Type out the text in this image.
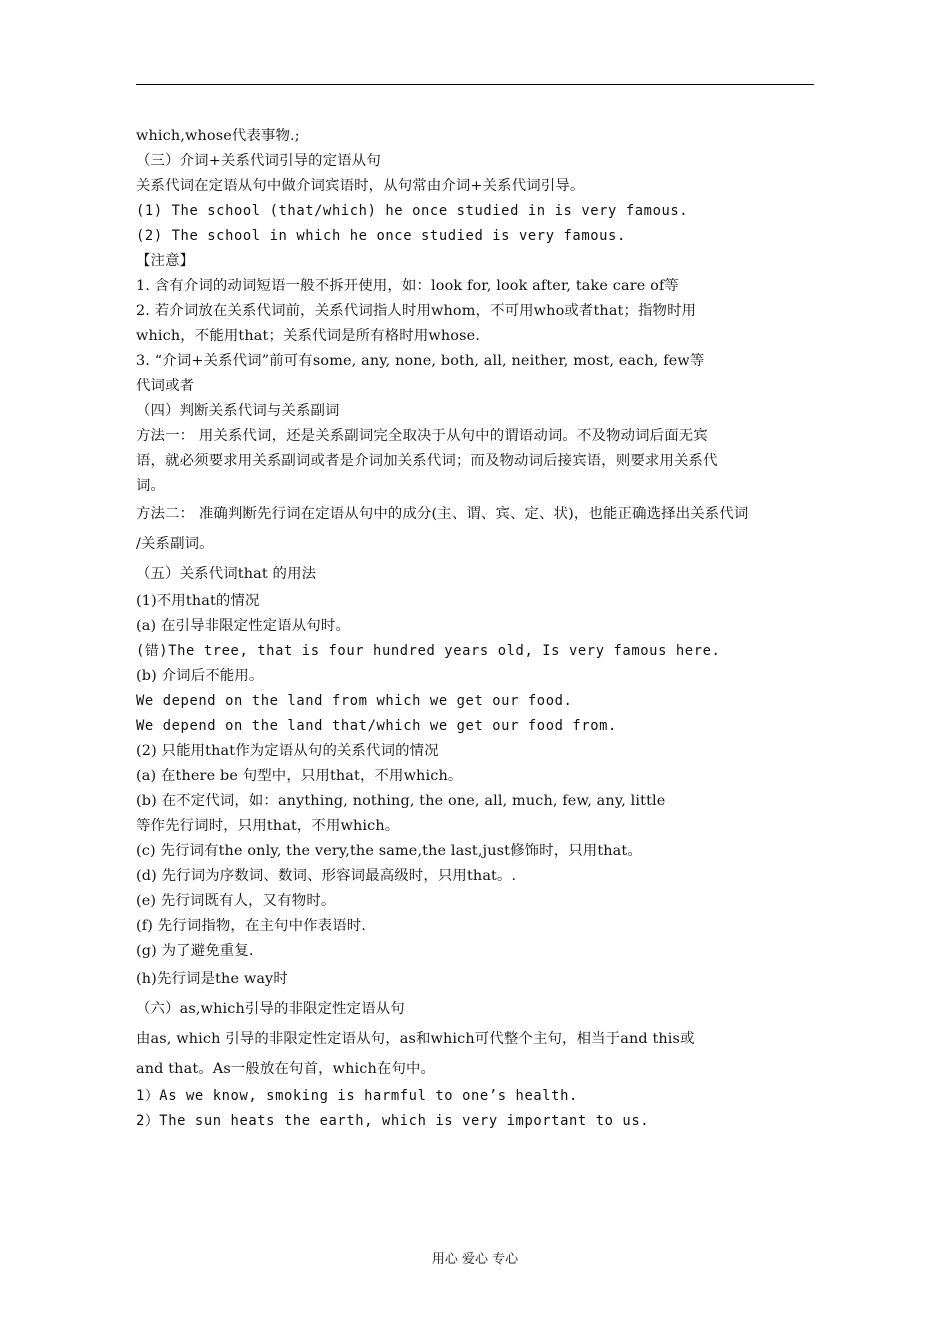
which,whose代表事物.;
（三）介词+关系代词引导的定语从句
关系代词在定语从句中做介词宾语时，从句常由介词+关系代词引导。
(1) The school (that/which) he once studied in is very famous.
(2) The school in which he once studied is very famous.
【注意】
1. 含有介词的动词短语一般不拆开使用，如：look for, look after, take care of等
2. 若介词放在关系代词前，关系代词指人时用whom，不可用who或者that；指物时用
which，不能用that；关系代词是所有格时用whose.
3. “介词+关系代词”前可有some, any, none, both, all, neither, most, each, few等
代词或者
（四）判断关系代词与关系副词
方法一： 用关系代词，还是关系副词完全取决于从句中的谓语动词。不及物动词后面无宾
语，就必须要求用关系副词或者是介词加关系代词；而及物动词后接宾语，则要求用关系代
词。
方法二： 准确判断先行词在定语从句中的成分(主、谓、宾、定、状)，也能正确选择出关系代词
/关系副词。
（五）关系代词that 的用法
(1)不用that的情况
(a) 在引导非限定性定语从句时。
(错)The tree, that is four hundred years old, Is very famous here.
(b) 介词后不能用。
We depend on the land from which we get our food.
We depend on the land that/which we get our food from.
(2) 只能用that作为定语从句的关系代词的情况
(a) 在there be 句型中，只用that，不用which。
(b) 在不定代词，如：anything, nothing, the one, all, much, few, any, little
等作先行词时，只用that，不用which。
(c) 先行词有the only, the very,the same,the last,just修饰时，只用that。
(d) 先行词为序数词、数词、形容词最高级时，只用that。.
(e) 先行词既有人，又有物时。
(f) 先行词指物，在主句中作表语时.
(g) 为了避免重复.
(h)先行词是the way时
（六）as,which引导的非限定性定语从句
由as, which 引导的非限定性定语从句，as和which可代整个主句，相当于and this或
and that。As一般放在句首，which在句中。
1）As we know, smoking is harmful to one’s health.
2）The sun heats the earth, which is very important to us.
用心 爱心 专心
